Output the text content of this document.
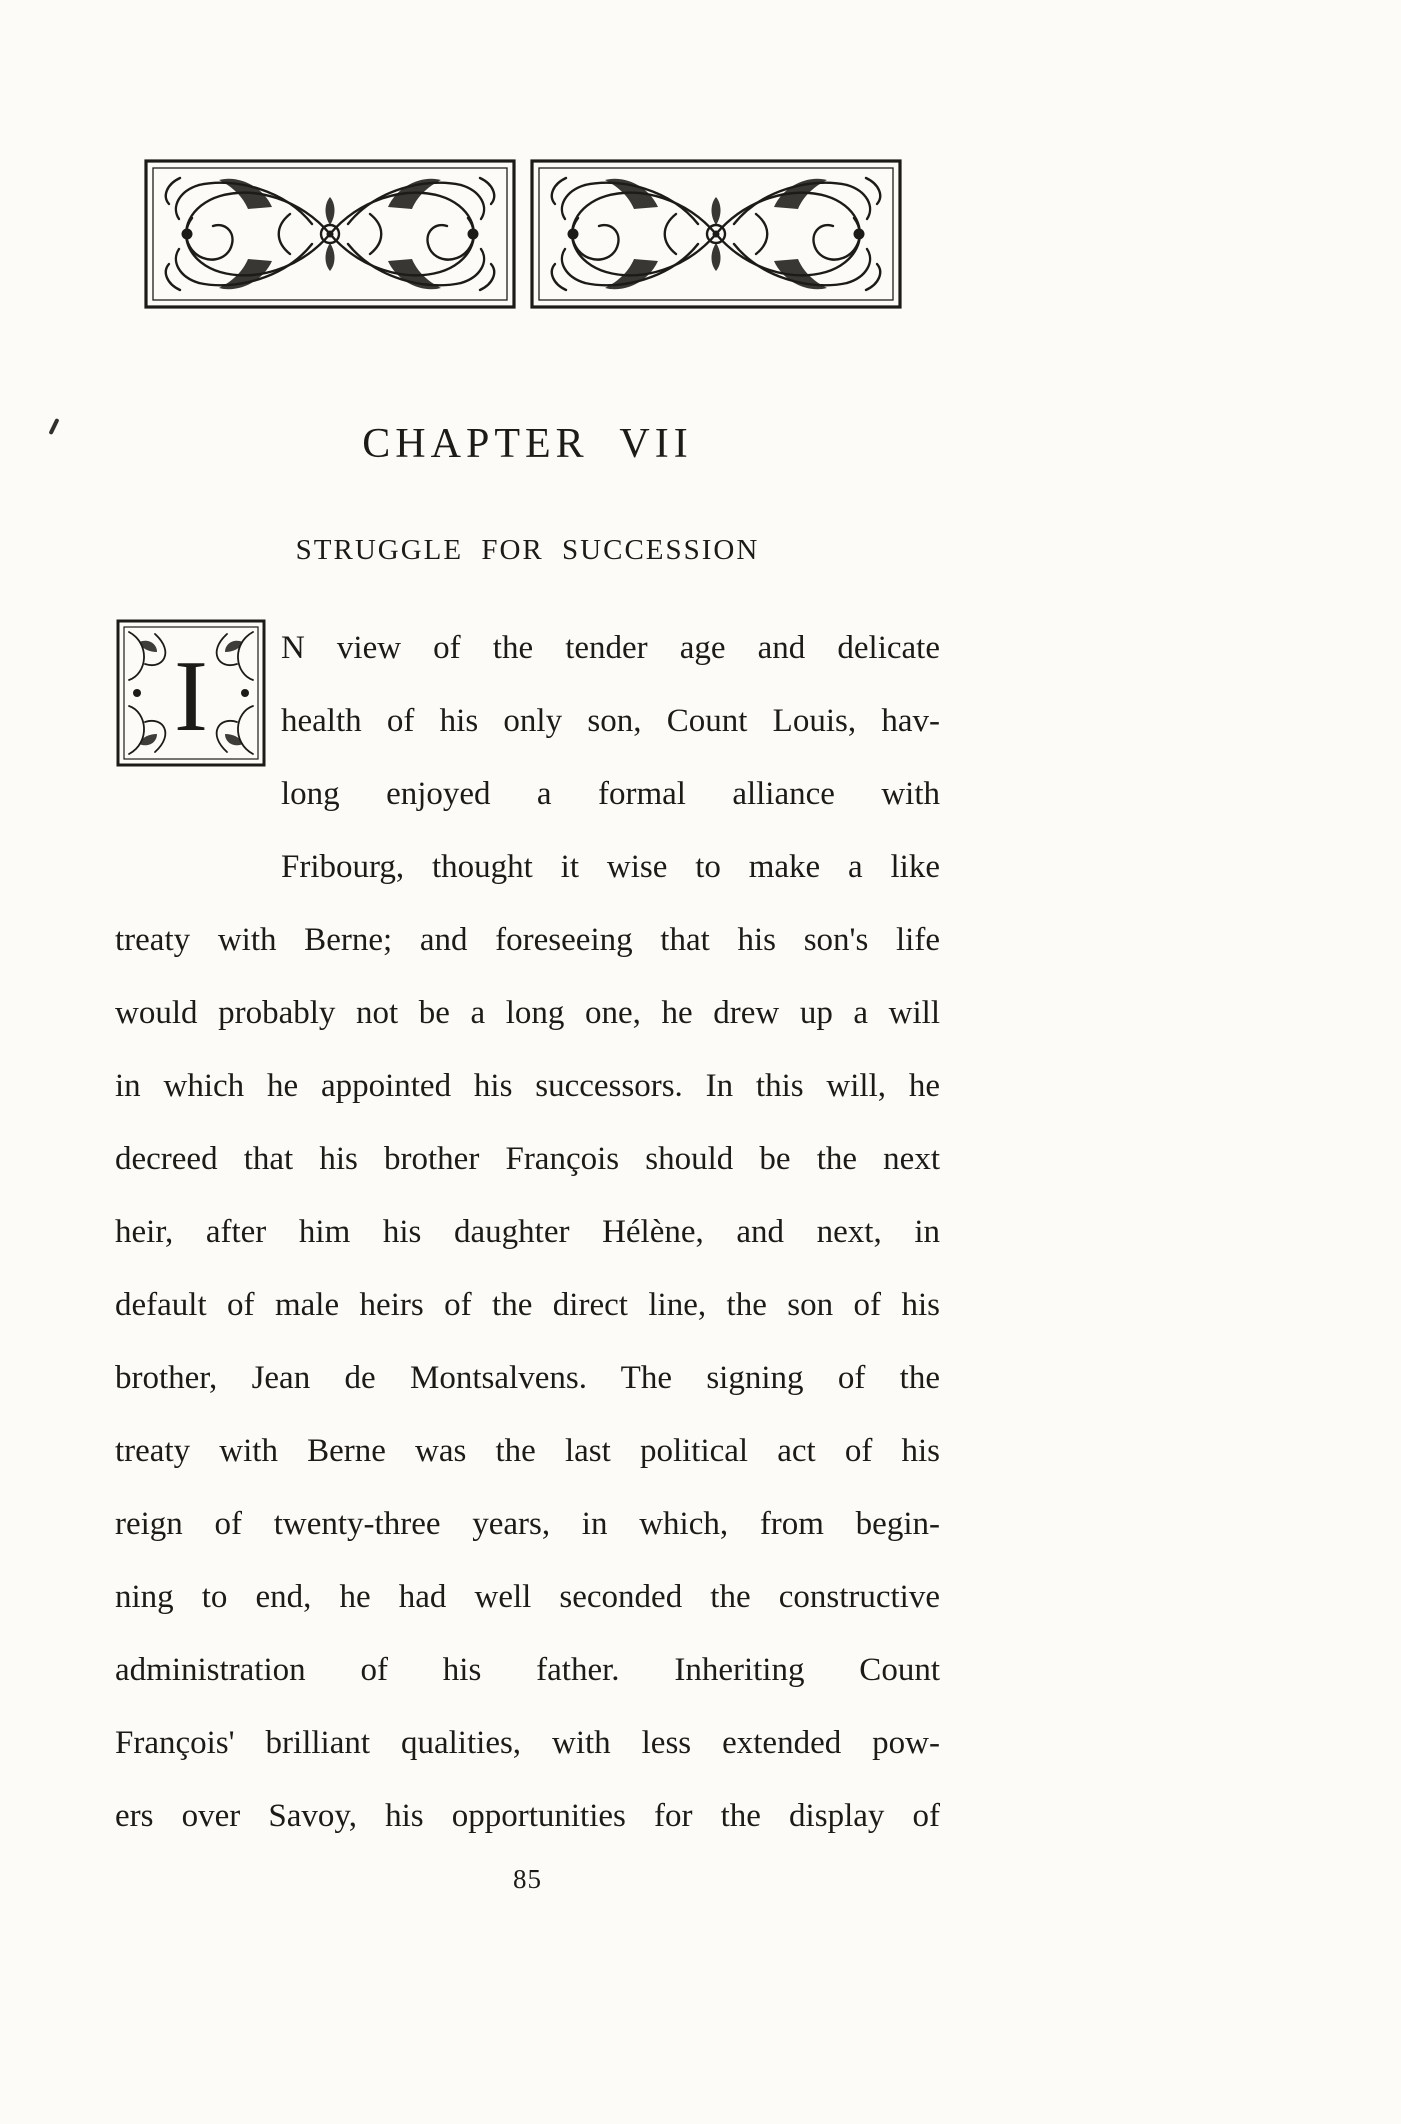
CHAPTER VII
STRUGGLE FOR SUCCESSION
I	N view of the tender age and delicate
health of his only son, Count Louis, hav-
long enjoyed a formal alliance with
Fribourg, thought it wise to make a like
treaty with Berne; and foreseeing that his son's life
would probably not be a long one, he drew up a will
in which he appointed his successors. In this will, he
decreed that his brother François should be the next
heir, after him his daughter Hélène, and next, in
default of male heirs of the direct line, the son of his
brother, Jean de Montsalvens. The signing of the
treaty with Berne was the last political act of his
reign of twenty-three years, in which, from begin-
ning to end, he had well seconded the constructive
administration of his father. Inheriting Count
François' brilliant qualities, with less extended pow-
ers over Savoy, his opportunities for the display of
85
